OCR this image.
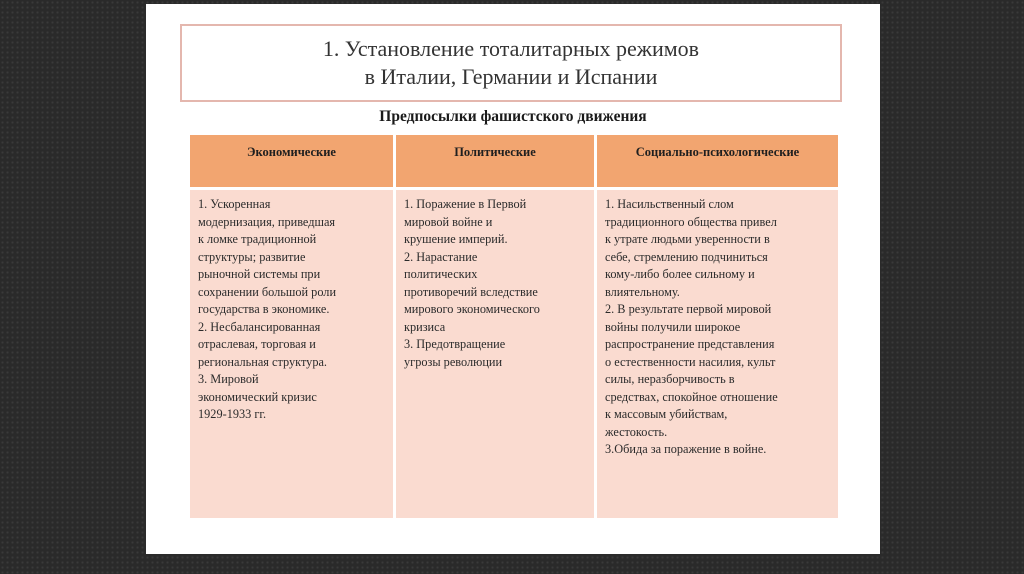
1. Установление тоталитарных режимов
в Италии, Германии и Испании
Предпосылки фашистского движения
Экономические	Политические	Социально-психологические
1. Ускоренная
модернизация, приведшая
к ломке традиционной
структуры; развитие
рыночной системы при
сохранении большой роли
государства в экономике.
2. Несбалансированная
отраслевая, торговая и
региональная структура.
3. Мировой
экономический кризис
1929-1933 гг.
1. Поражение в Первой
мировой войне и
крушение империй.
2. Нарастание
политических
противоречий вследствие
мирового экономического
кризиса
3. Предотвращение
угрозы революции
1. Насильственный слом
традиционного общества привел
к утрате людьми уверенности в
себе, стремлению подчиниться
кому-либо более сильному и
влиятельному.
2. В результате первой мировой
войны получили широкое
распространение представления
о естественности насилия, культ
силы, неразборчивость в
средствах, спокойное отношение
к массовым убийствам,
жестокость.
3.Обида за поражение в войне.
